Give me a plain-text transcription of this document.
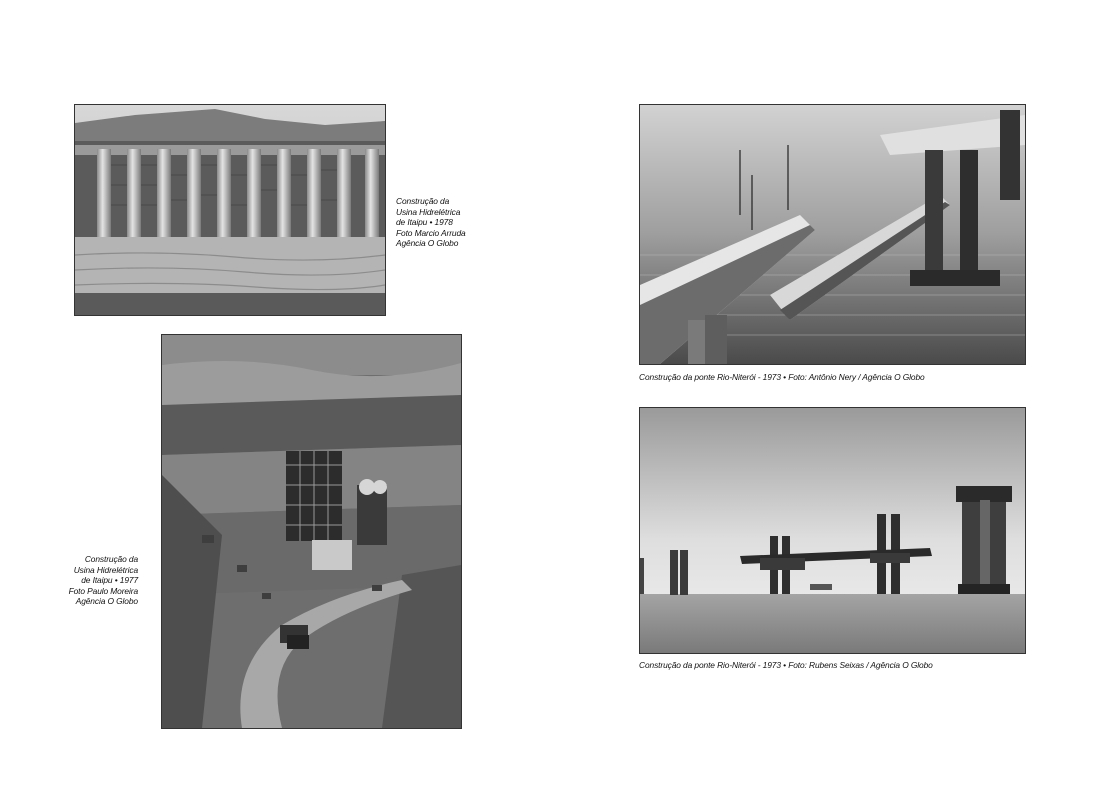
Construção da
Usina Hidrelétrica
de Itaipu • 1978
Foto Marcio Arruda
Agência O Globo
Construção da
Usina Hidrelétrica
de Itaipu • 1977
Foto Paulo Moreira
Agência O Globo
Construção da ponte Rio-Niterói - 1973 • Foto: Antônio Nery / Agência O Globo
Construção da ponte Rio-Niterói - 1973 • Foto: Rubens Seixas / Agência O Globo
